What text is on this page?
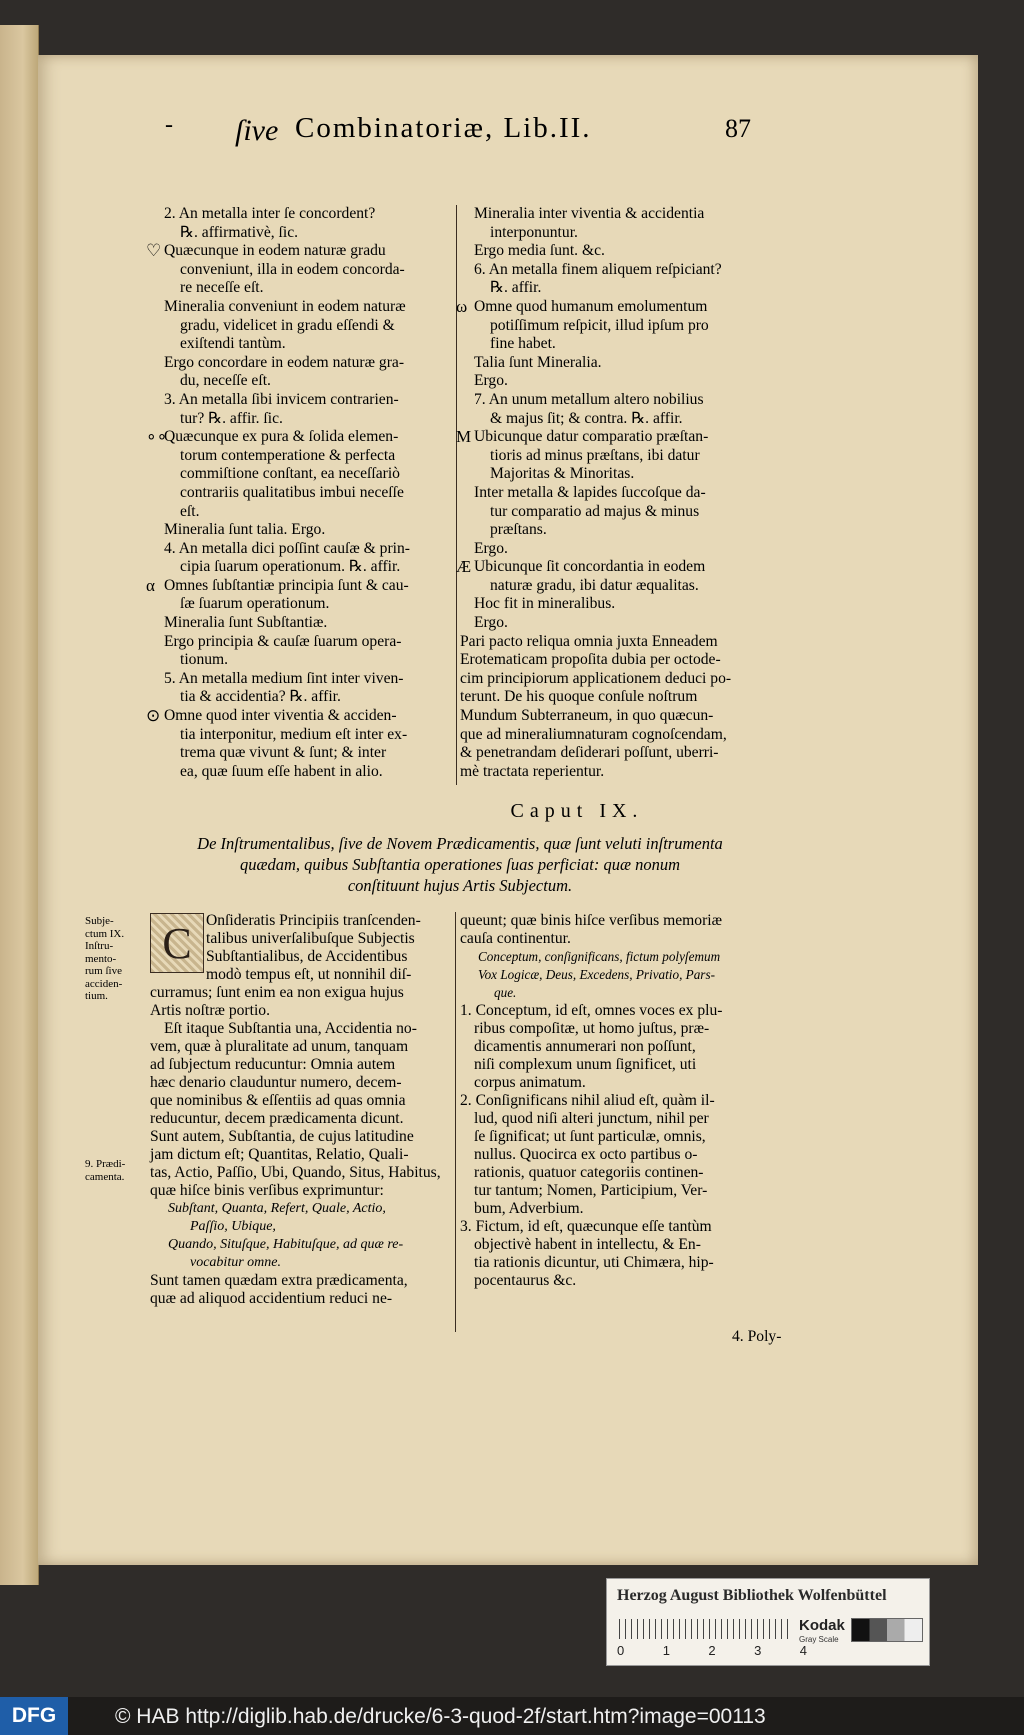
- ſive Combinatoriæ, Lib.II.	87

2. An metalla inter ſe concordent?

℞. affirmativè, ſic.

♡ Quæcunque in eodem naturæ gradu

conveniunt, illa in eodem concorda-

re neceſſe eſt.

Mineralia conveniunt in eodem naturæ

gradu, videlicet in gradu eſſendi &

exiſtendi tantùm.

Ergo concordare in eodem naturæ gra-

du, neceſſe eſt.

3. An metalla ſibi invicem contrarien-

tur? ℞. affir. ſic.

∘∘
Quæcunque ex pura & ſolida elemen-

torum contemperatione & perfecta

commiſtione conſtant, ea neceſſariò

contrariis qualitatibus imbui neceſſe

eſt.

Mineralia ſunt talia. Ergo.

4. An metalla dici poſſint cauſæ & prin-

cipia ſuarum operationum. ℞. affir.

α Omnes ſubſtantiæ principia ſunt & cau-

ſæ ſuarum operationum.

Mineralia ſunt Subſtantiæ.

Ergo principia & cauſæ ſuarum opera-

tionum.

5. An metalla medium ſint inter viven-

tia & accidentia? ℞. affir.

⊙ Omne quod inter viventia & acciden-

tia interponitur, medium eſt inter ex-

trema quæ vivunt & ſunt; & inter

ea, quæ ſuum eſſe habent in alio.

Mineralia inter viventia & accidentia

interponuntur.

Ergo media ſunt. &c.

6. An metalla finem aliquem reſpiciant?

℞. affir.

ω Omne quod humanum emolumentum

potiſſimum reſpicit, illud ipſum pro

fine habet.

Talia ſunt Mineralia.

Ergo.

7. An unum metallum altero nobilius

& majus ſit; & contra. ℞. affir.

M Ubicunque datur comparatio præſtan-

tioris ad minus præſtans, ibi datur

Majoritas & Minoritas.

Inter metalla & lapides ſuccoſque da-

tur comparatio ad majus & minus

præſtans.

Ergo.

Æ Ubicunque ſit concordantia in eodem

naturæ gradu, ibi datur æqualitas.

Hoc fit in mineralibus.

Ergo.

Pari pacto reliqua omnia juxta Enneadem

Erotematicam propoſita dubia per octode-

cim principiorum applicationem deduci po-

terunt. De his quoque conſule noſtrum

Mundum Subterraneum, in quo quæcun-

que ad mineraliumnaturam cognoſcendam,

& penetrandam deſiderari poſſunt, uberri-

mè tractata reperientur.

Caput IX.
De Inſtrumentalibus, ſive de Novem Prædicamentis, quæ ſunt veluti inſtrumenta
quædam, quibus Subſtantia operationes ſuas perficiat: quæ nonum
conſtituunt hujus Artis Subjectum.
Subje-
ctum IX.
Inſtru-
mento-
rum ſive
acciden-
tium.
9. Prædi-
camenta.
C Onſideratis Principiis tranſcenden-

talibus univerſalibuſque Subjectis

Subſtantialibus, de Accidentibus

modò tempus eſt, ut nonnihil diſ-

curramus; ſunt enim ea non exigua hujus

Artis noſtræ portio.

Eſt itaque Subſtantia una, Accidentia no-

vem, quæ à pluralitate ad unum, tanquam

ad ſubjectum reducuntur: Omnia autem

hæc denario clauduntur numero, decem-

que nominibus & eſſentiis ad quas omnia

reducuntur, decem prædicamenta dicunt.

Sunt autem, Subſtantia, de cujus latitudine

jam dictum eſt; Quantitas, Relatio, Quali-

tas, Actio, Paſſio, Ubi, Quando, Situs, Habitus,

quæ hiſce binis verſibus exprimuntur:

Subſtant, Quanta, Refert, Quale, Actio,

Paſſio, Ubique,

Quando, Situſque, Habituſque, ad quæ re-

vocabitur omne.

Sunt tamen quædam extra prædicamenta,

quæ ad aliquod accidentium reduci ne-

queunt; quæ binis hiſce verſibus memoriæ

cauſa continentur.

Conceptum, conſignificans, fictum polyſemum

Vox Logicæ, Deus, Excedens, Privatio, Pars-

que.

1. Conceptum, id eſt, omnes voces ex plu-

ribus compoſitæ, ut homo juſtus, præ-

dicamentis annumerari non poſſunt,

niſi complexum unum ſignificet, uti

corpus animatum.

2. Conſignificans nihil aliud eſt, quàm il-

lud, quod niſi alteri junctum, nihil per

ſe ſignificat; ut ſunt particulæ, omnis,

nullus. Quocirca ex octo partibus o-

rationis, quatuor categoriis continen-

tur tantum; Nomen, Participium, Ver-

bum, Adverbium.

3. Fictum, id eſt, quæcunque eſſe tantùm

objectivè habent in intellectu, & En-

tia rationis dicuntur, uti Chimæra, hip-

pocentaurus &c.

4. Poly-
Herzog August Bibliothek Wolfenbüttel
0	1	2	3	4
Kodak
Gray Scale
DFG	© HAB http://diglib.hab.de/drucke/6-3-quod-2f/start.htm?image=00113
